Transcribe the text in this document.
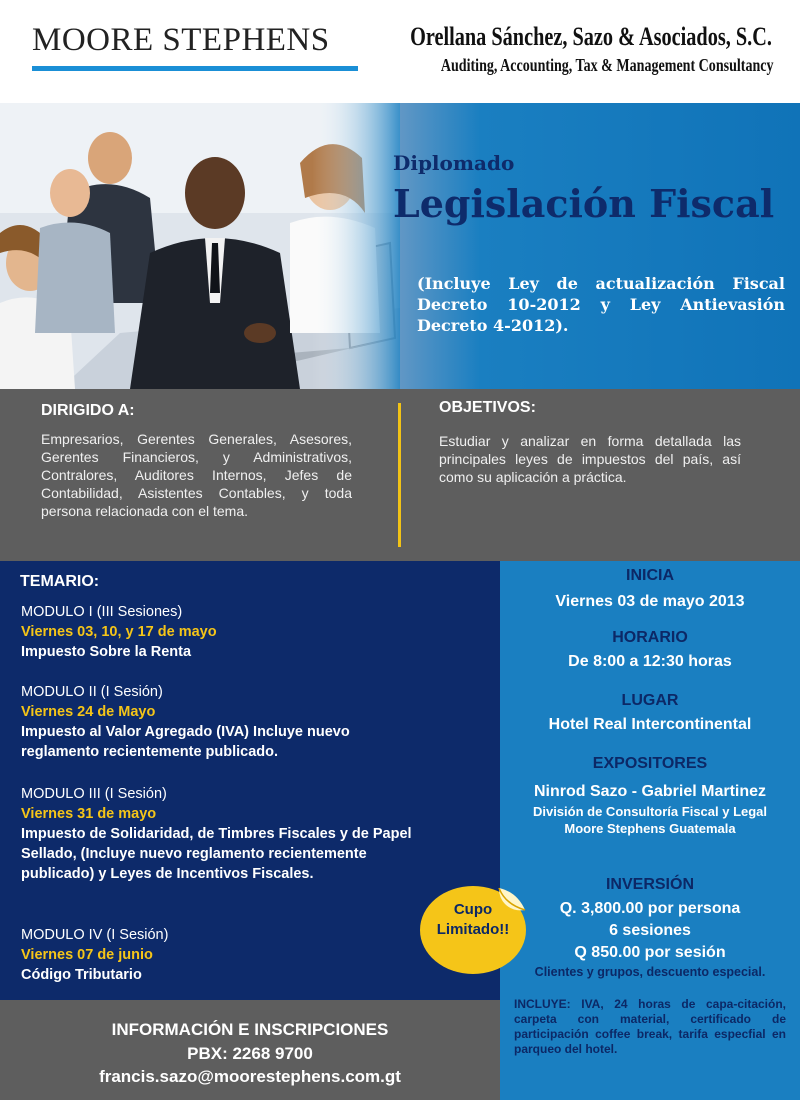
MOORE STEPHENS	Orellana Sánchez, Sazo & Asociados, S.C.
Auditing, Accounting, Tax & Management Consultancy
Diplomado
Legislación Fiscal
(Incluye Ley de actualización Fiscal Decreto 10-2012 y Ley Antievasión Decreto 4-2012).
DIRIGIDO A:
Empresarios, Gerentes Generales, Asesores, Gerentes Financieros, y Administrativos, Contralores, Auditores Internos, Jefes de Contabilidad, Asistentes Contables, y toda persona relacionada con el tema.
OBJETIVOS:
Estudiar y analizar en forma detallada las principales leyes de impuestos del país, así como su aplicación a práctica.
TEMARIO:
MODULO I (III Sesiones)
Viernes 03, 10, y 17 de mayo
Impuesto Sobre la Renta
MODULO II (I Sesión)
Viernes 24 de Mayo
Impuesto al Valor Agregado (IVA) Incluye nuevo reglamento recientemente publicado.
MODULO III (I Sesión)
Viernes 31 de mayo
Impuesto de Solidaridad, de Timbres Fiscales y de Papel Sellado, (Incluye nuevo reglamento recientemente publicado) y Leyes de Incentivos Fiscales.
MODULO IV (I Sesión)
Viernes 07 de junio
Código Tributario
INICIA
Viernes 03 de mayo 2013
HORARIO
De 8:00 a 12:30 horas
LUGAR
Hotel Real Intercontinental
EXPOSITORES
Ninrod Sazo - Gabriel Martinez
División de Consultoría Fiscal y Legal
Moore Stephens Guatemala
INVERSIÓN
Q. 3,800.00 por persona
6 sesiones
Q 850.00 por sesión
Clientes y grupos, descuento especial.
INCLUYE: IVA, 24 horas de capa-citación, carpeta con material, certificado de participación coffee break, tarifa especfial en parqueo del hotel.
INFORMACIÓN E INSCRIPCIONES
PBX: 2268 9700
francis.sazo@moorestephens.com.gt
Cupo
Limitado!!
